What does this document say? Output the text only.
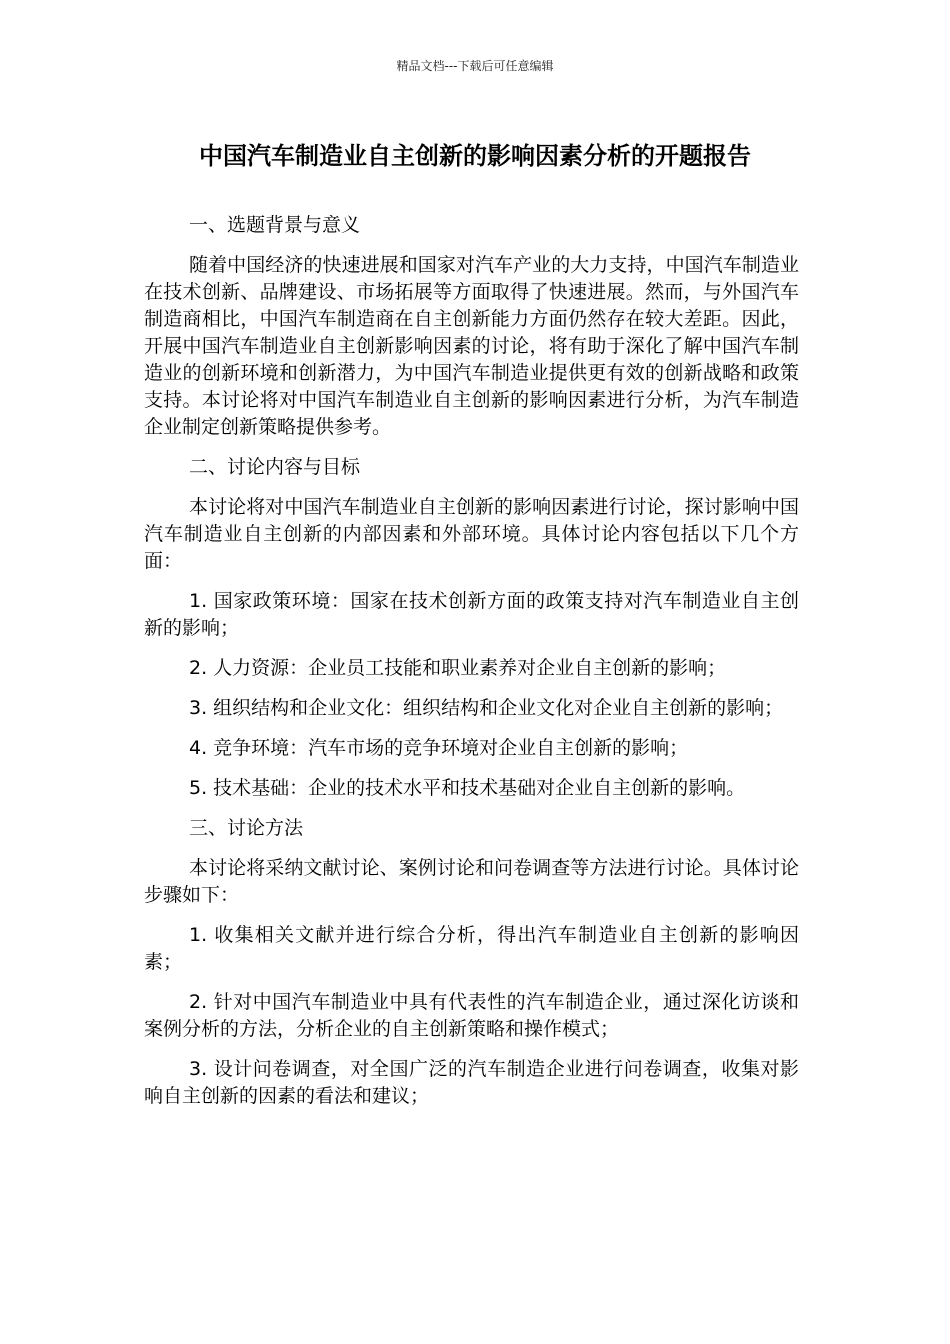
精品文档---下载后可任意编辑
中国汽车制造业自主创新的影响因素分析的开题报告

一、选题背景与意义

随着中国经济的快速进展和国家对汽车产业的大力支持，中国汽车制造业在技术创新、品牌建设、市场拓展等方面取得了快速进展。然而，与外国汽车制造商相比，中国汽车制造商在自主创新能力方面仍然存在较大差距。因此，开展中国汽车制造业自主创新影响因素的讨论，将有助于深化了解中国汽车制造业的创新环境和创新潜力，为中国汽车制造业提供更有效的创新战略和政策支持。本讨论将对中国汽车制造业自主创新的影响因素进行分析，为汽车制造企业制定创新策略提供参考。

二、讨论内容与目标

本讨论将对中国汽车制造业自主创新的影响因素进行讨论，探讨影响中国汽车制造业自主创新的内部因素和外部环境。具体讨论内容包括以下几个方面：

1. 国家政策环境：国家在技术创新方面的政策支持对汽车制造业自主创新的影响；

2. 人力资源：企业员工技能和职业素养对企业自主创新的影响；

3. 组织结构和企业文化：组织结构和企业文化对企业自主创新的影响；

4. 竞争环境：汽车市场的竞争环境对企业自主创新的影响；

5. 技术基础：企业的技术水平和技术基础对企业自主创新的影响。

三、讨论方法

本讨论将采纳文献讨论、案例讨论和问卷调查等方法进行讨论。具体讨论步骤如下：

1. 收集相关文献并进行综合分析，得出汽车制造业自主创新的影响因素；

2. 针对中国汽车制造业中具有代表性的汽车制造企业，通过深化访谈和案例分析的方法，分析企业的自主创新策略和操作模式；

3. 设计问卷调查，对全国广泛的汽车制造企业进行问卷调查，收集对影响自主创新的因素的看法和建议；
